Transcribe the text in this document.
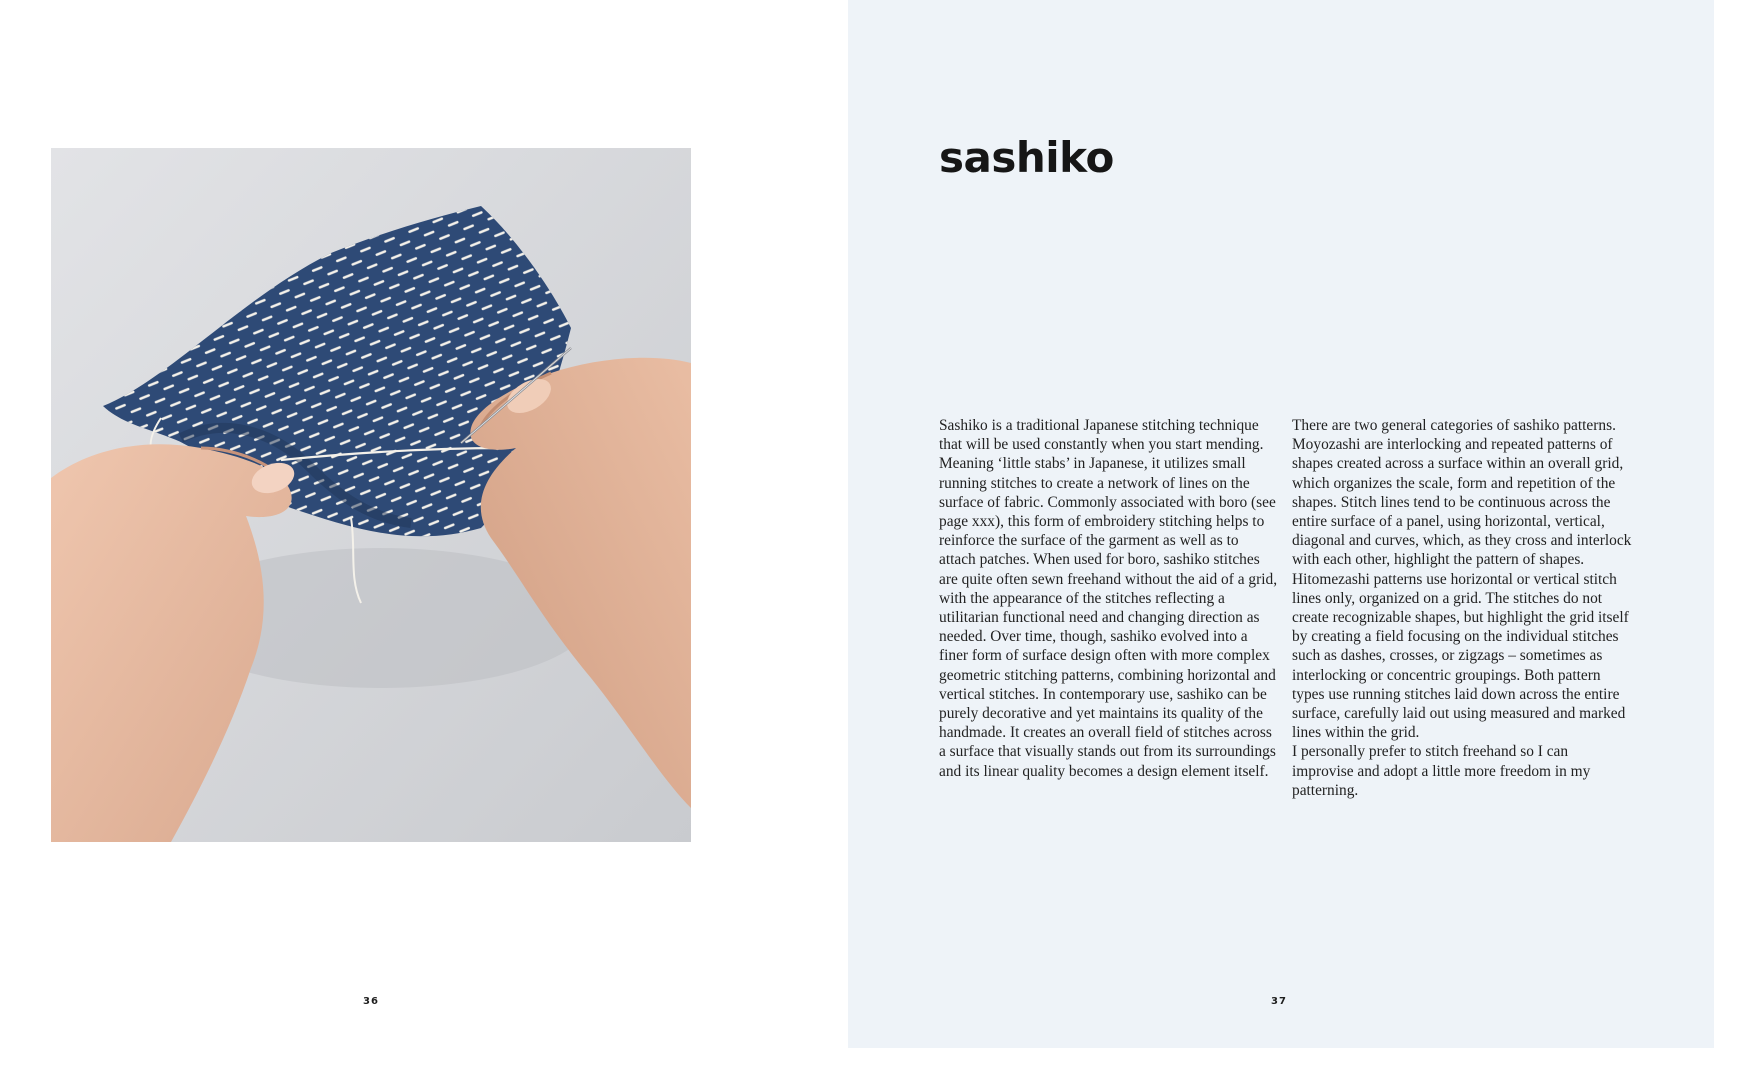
36
sashiko

Sashiko is a traditional Japanese stitching technique that will be used constantly when you start mending. Meaning ‘little stabs’ in Japanese, it utilizes small running stitches to create a network of lines on the surface of fabric. Commonly associated with boro (see page xxx), this form of embroidery stitching helps to reinforce the surface of the garment as well as to attach patches. When used for boro, sashiko stitches are quite often sewn freehand without the aid of a grid, with the appearance of the stitches reflecting a utilitarian functional need and changing direction as needed. Over time, though, sashiko evolved into a finer form of surface design often with more complex geometric stitching patterns, combining horizontal and vertical stitches. In contemporary use, sashiko can be purely decorative and yet maintains its quality of the handmade. It creates an overall field of stitches across a surface that visually stands out from its surroundings and its linear quality becomes a design element itself.

There are two general categories of sashiko patterns. Moyozashi are interlocking and repeated patterns of shapes created across a surface within an overall grid, which organizes the scale, form and repetition of the shapes. Stitch lines tend to be continuous across the entire surface of a panel, using horizontal, vertical, diagonal and curves, which, as they cross and interlock with each other, highlight the pattern of shapes. Hitomezashi patterns use horizontal or vertical stitch lines only, organized on a grid. The stitches do not create recognizable shapes, but highlight the grid itself by creating a field focusing on the individual stitches such as dashes, crosses, or zigzags – sometimes as interlocking or concentric groupings. Both pattern types use running stitches laid down across the entire surface, carefully laid out using measured and marked lines within the grid.

I personally prefer to stitch freehand so I can improvise and adopt a little more freedom in my patterning.

37
